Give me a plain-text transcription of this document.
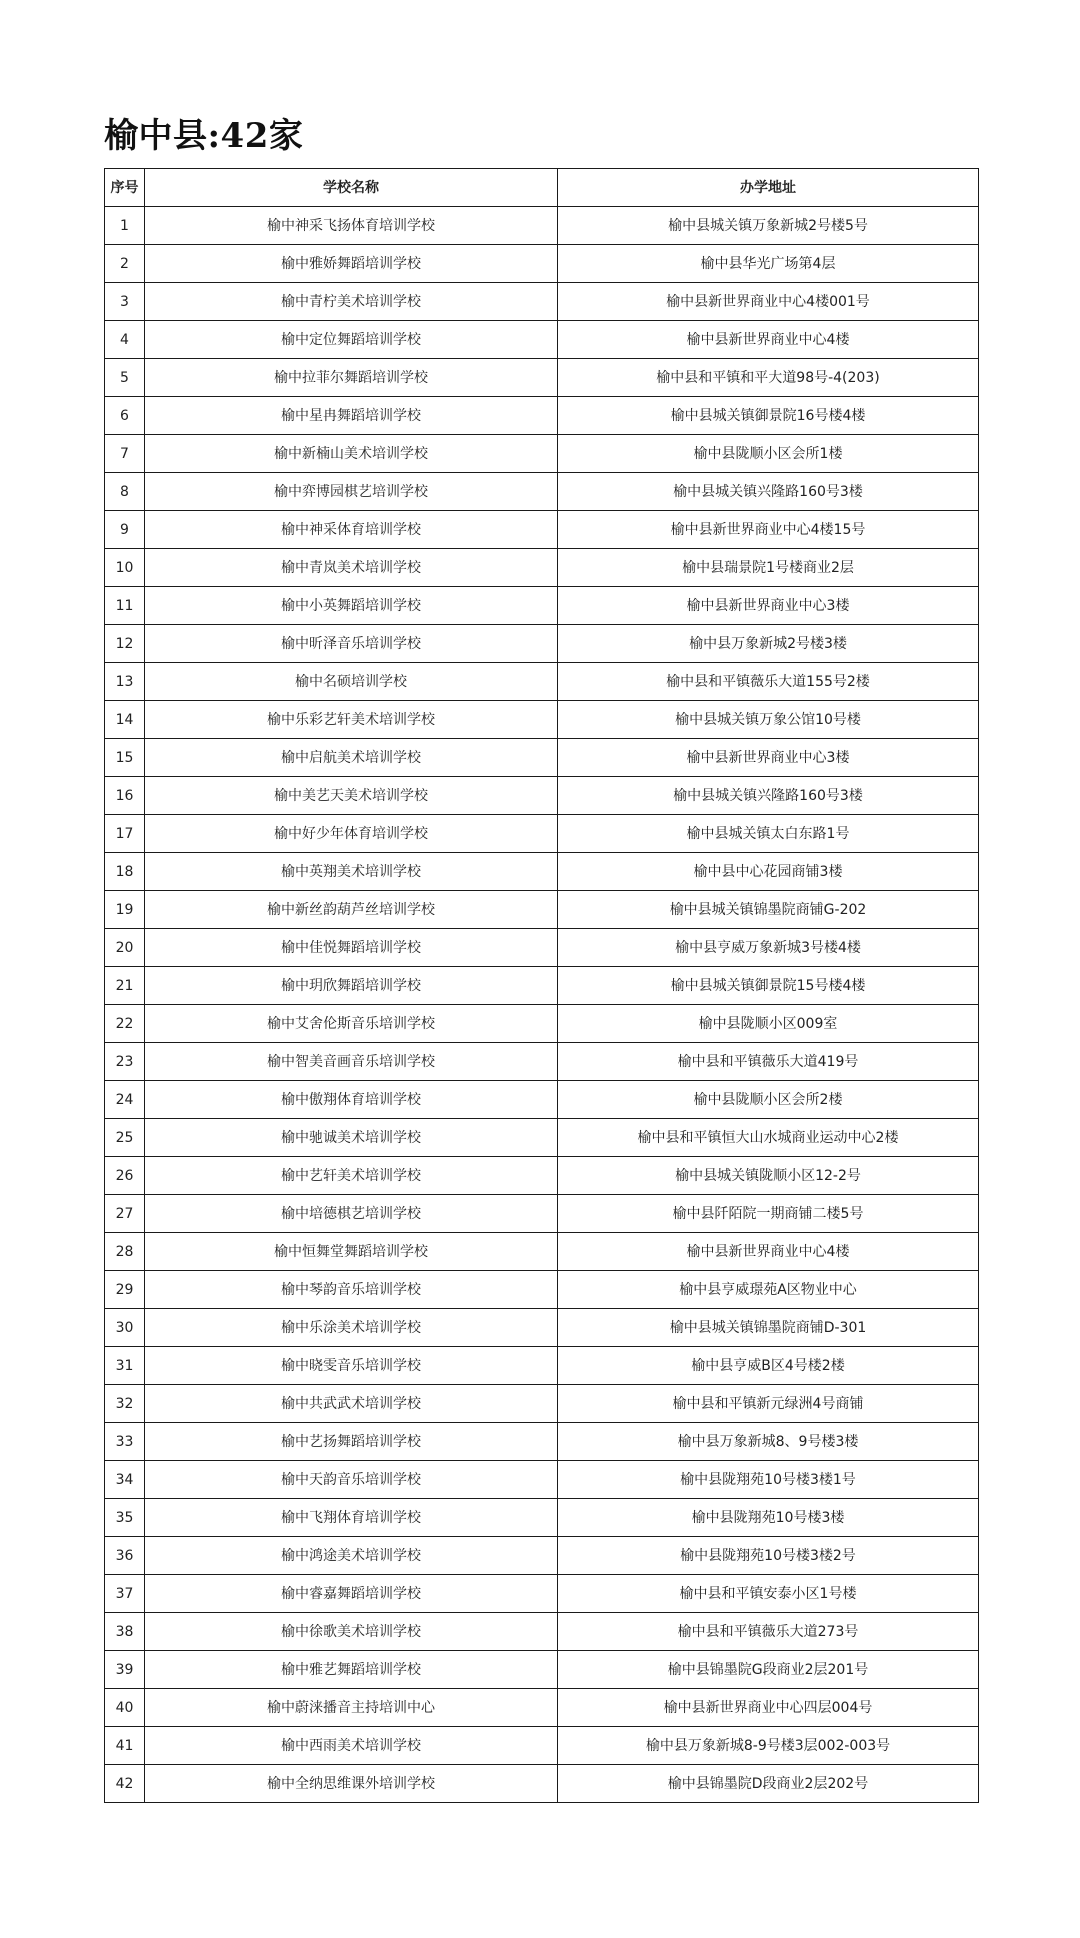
榆中县:42家
序号	学校名称	办学地址
1	榆中神采飞扬体育培训学校	榆中县城关镇万象新城2号楼5号
2	榆中雅娇舞蹈培训学校	榆中县华光广场第4层
3	榆中青柠美术培训学校	榆中县新世界商业中心4楼001号
4	榆中定位舞蹈培训学校	榆中县新世界商业中心4楼
5	榆中拉菲尔舞蹈培训学校	榆中县和平镇和平大道98号-4(203)
6	榆中星冉舞蹈培训学校	榆中县城关镇御景院16号楼4楼
7	榆中新楠山美术培训学校	榆中县陇顺小区会所1楼
8	榆中弈博园棋艺培训学校	榆中县城关镇兴隆路160号3楼
9	榆中神采体育培训学校	榆中县新世界商业中心4楼15号
10	榆中青岚美术培训学校	榆中县瑞景院1号楼商业2层
11	榆中小英舞蹈培训学校	榆中县新世界商业中心3楼
12	榆中昕泽音乐培训学校	榆中县万象新城2号楼3楼
13	榆中名硕培训学校	榆中县和平镇薇乐大道155号2楼
14	榆中乐彩艺轩美术培训学校	榆中县城关镇万象公馆10号楼
15	榆中启航美术培训学校	榆中县新世界商业中心3楼
16	榆中美艺天美术培训学校	榆中县城关镇兴隆路160号3楼
17	榆中好少年体育培训学校	榆中县城关镇太白东路1号
18	榆中英翔美术培训学校	榆中县中心花园商铺3楼
19	榆中新丝韵葫芦丝培训学校	榆中县城关镇锦墨院商铺G-202
20	榆中佳悦舞蹈培训学校	榆中县亨威万象新城3号楼4楼
21	榆中玥欣舞蹈培训学校	榆中县城关镇御景院15号楼4楼
22	榆中艾舍伦斯音乐培训学校	榆中县陇顺小区009室
23	榆中智美音画音乐培训学校	榆中县和平镇薇乐大道419号
24	榆中傲翔体育培训学校	榆中县陇顺小区会所2楼
25	榆中驰诚美术培训学校	榆中县和平镇恒大山水城商业运动中心2楼
26	榆中艺轩美术培训学校	榆中县城关镇陇顺小区12-2号
27	榆中培德棋艺培训学校	榆中县阡陌院一期商铺二楼5号
28	榆中恒舞堂舞蹈培训学校	榆中县新世界商业中心4楼
29	榆中琴韵音乐培训学校	榆中县亨威璟苑A区物业中心
30	榆中乐涂美术培训学校	榆中县城关镇锦墨院商铺D-301
31	榆中晓雯音乐培训学校	榆中县亨威B区4号楼2楼
32	榆中共武武术培训学校	榆中县和平镇新元绿洲4号商铺
33	榆中艺扬舞蹈培训学校	榆中县万象新城8、9号楼3楼
34	榆中天韵音乐培训学校	榆中县陇翔苑10号楼3楼1号
35	榆中飞翔体育培训学校	榆中县陇翔苑10号楼3楼
36	榆中鸿途美术培训学校	榆中县陇翔苑10号楼3楼2号
37	榆中睿嘉舞蹈培训学校	榆中县和平镇安泰小区1号楼
38	榆中徐歌美术培训学校	榆中县和平镇薇乐大道273号
39	榆中雅艺舞蹈培训学校	榆中县锦墨院G段商业2层201号
40	榆中蔚涞播音主持培训中心	榆中县新世界商业中心四层004号
41	榆中西雨美术培训学校	榆中县万象新城8-9号楼3层002-003号
42	榆中全纳思维课外培训学校	榆中县锦墨院D段商业2层202号
